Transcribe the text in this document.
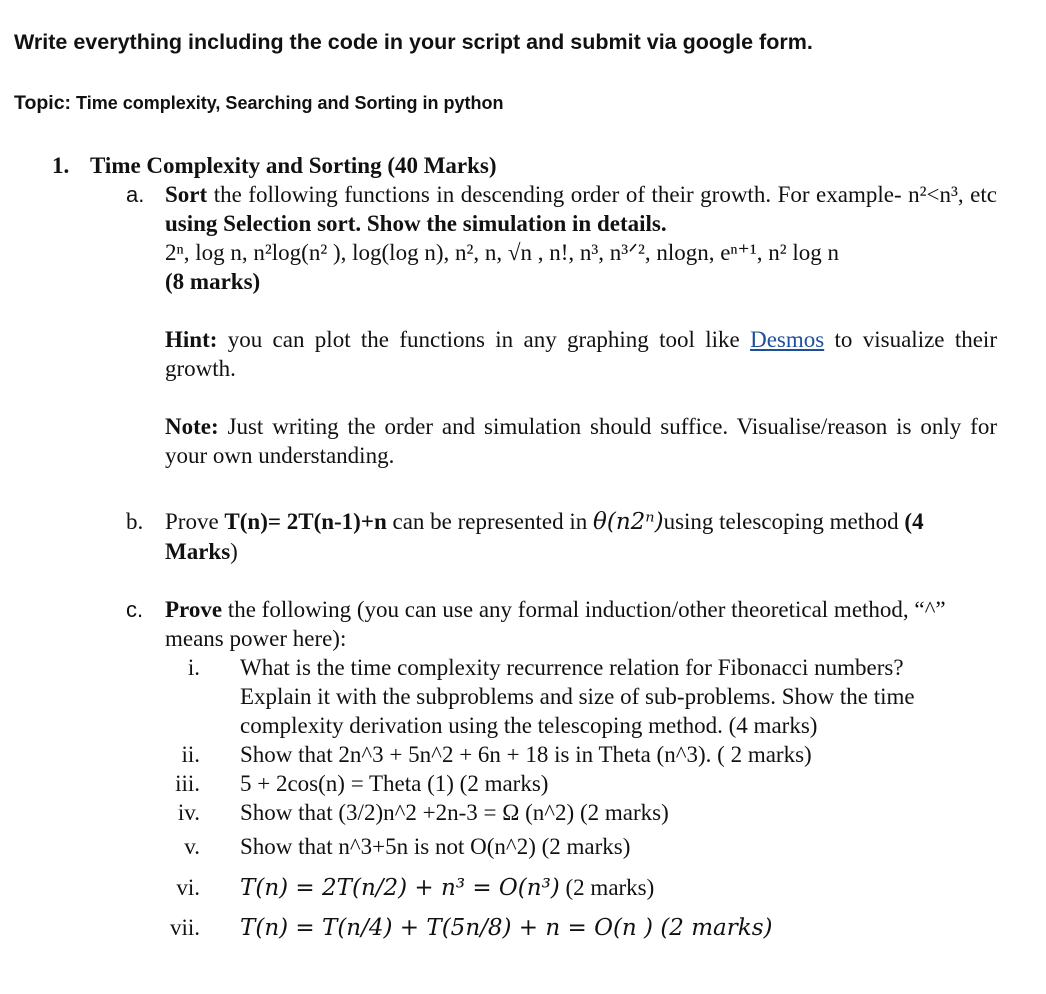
Write everything including the code in your script and submit via google form.
Topic: Time complexity, Searching and Sorting in python
1. Time Complexity and Sorting (40 Marks)
a. Sort the following functions in descending order of their growth. For example- n²<n³, etc using Selection sort. Show the simulation in details.
2ⁿ, log n, n²log(n² ), log(log n), n², n, √n , n!, n³, n³ᐟ², nlogn, eⁿ⁺¹, n² log n
(8 marks)
Hint: you can plot the functions in any graphing tool like Desmos to visualize their growth.
Note: Just writing the order and simulation should suffice. Visualise/reason is only for your own understanding.
b. Prove T(n)= 2T(n-1)+n can be represented in θ(n2ⁿ)using telescoping method (4 Marks)
c. Prove the following (you can use any formal induction/other theoretical method, “^” means power here):
i. What is the time complexity recurrence relation for Fibonacci numbers?
Explain it with the subproblems and size of sub-problems. Show the time
complexity derivation using the telescoping method. (4 marks)
ii. Show that 2n^3 + 5n^2 + 6n + 18 is in Theta (n^3). ( 2 marks)
iii. 5 + 2cos(n) = Theta (1) (2 marks)
iv. Show that (3/2)n^2 +2n-3 = Ω (n^2) (2 marks)
v. Show that n^3+5n is not O(n^2) (2 marks)
vi. T(n) = 2T(n/2) + n³ = O(n³) (2 marks)
vii. T(n) = T(n/4) + T(5n/8) + n = O(n ) (2 marks)
